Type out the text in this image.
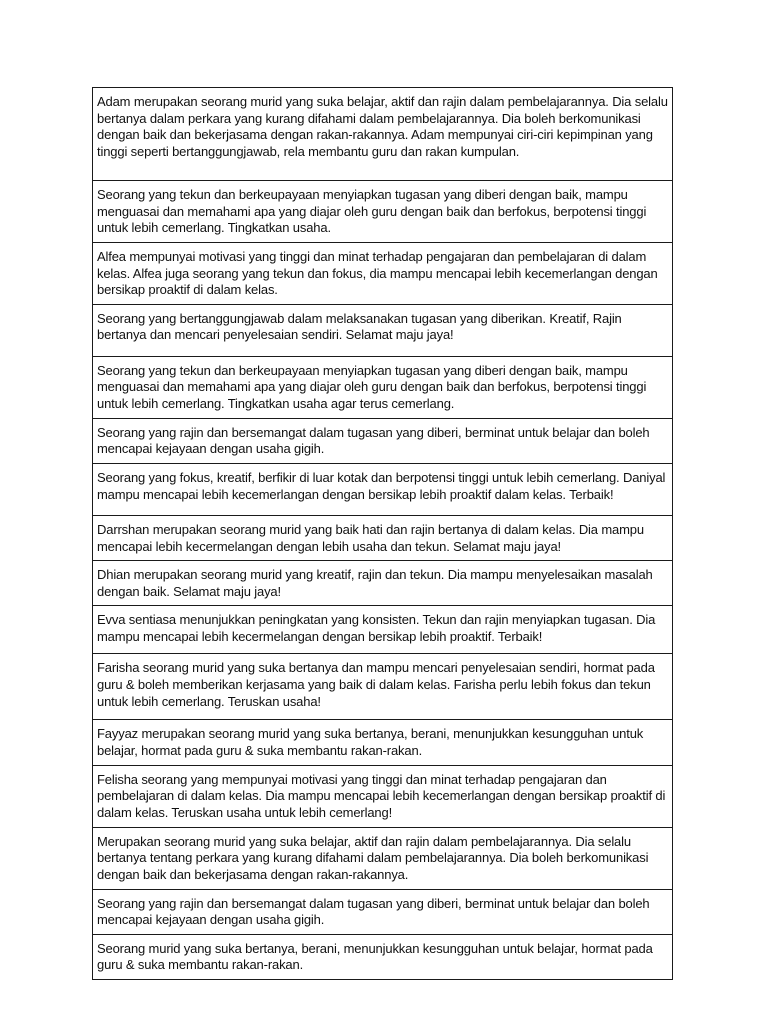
Adam merupakan seorang murid yang suka belajar, aktif dan rajin dalam pembelajarannya. Dia selalu bertanya dalam perkara yang kurang difahami dalam pembelajarannya. Dia boleh berkomunikasi dengan baik dan bekerjasama dengan rakan-rakannya. Adam mempunyai ciri-ciri kepimpinan yang tinggi seperti bertanggungjawab, rela membantu guru dan rakan kumpulan.
Seorang yang tekun dan berkeupayaan menyiapkan tugasan yang diberi dengan baik, mampu menguasai dan memahami apa yang diajar oleh guru dengan baik dan berfokus, berpotensi tinggi untuk lebih cemerlang. Tingkatkan usaha.
Alfea mempunyai motivasi yang tinggi dan minat terhadap pengajaran dan pembelajaran di dalam kelas. Alfea juga seorang yang tekun dan fokus, dia mampu mencapai lebih kecemerlangan dengan bersikap proaktif di dalam kelas.
Seorang yang bertanggungjawab dalam melaksanakan tugasan yang diberikan. Kreatif, Rajin bertanya dan mencari penyelesaian sendiri. Selamat maju jaya!
Seorang yang tekun dan berkeupayaan menyiapkan tugasan yang diberi dengan baik, mampu menguasai dan memahami apa yang diajar oleh guru dengan baik dan berfokus, berpotensi tinggi untuk lebih cemerlang. Tingkatkan usaha agar terus cemerlang.
Seorang yang rajin dan bersemangat dalam tugasan yang diberi, berminat untuk belajar dan boleh mencapai kejayaan dengan usaha gigih.
Seorang yang fokus, kreatif, berfikir di luar kotak dan berpotensi tinggi untuk lebih cemerlang. Daniyal mampu mencapai lebih kecemerlangan dengan bersikap lebih proaktif dalam kelas. Terbaik!
Darrshan merupakan seorang murid yang baik hati dan rajin bertanya di dalam kelas. Dia mampu mencapai lebih kecermelangan dengan lebih usaha dan tekun. Selamat maju jaya!
Dhian merupakan seorang murid yang kreatif, rajin dan tekun. Dia mampu menyelesaikan masalah dengan baik. Selamat maju jaya!
Evva sentiasa menunjukkan peningkatan yang konsisten. Tekun dan rajin menyiapkan tugasan. Dia mampu mencapai lebih kecermelangan dengan bersikap lebih proaktif. Terbaik!
Farisha seorang murid yang suka bertanya dan mampu mencari penyelesaian sendiri, hormat pada guru & boleh memberikan kerjasama yang baik di dalam kelas. Farisha perlu lebih fokus dan tekun untuk lebih cemerlang. Teruskan usaha!
Fayyaz merupakan seorang murid yang suka bertanya, berani, menunjukkan kesungguhan untuk belajar, hormat pada guru & suka membantu rakan-rakan.
Felisha seorang yang mempunyai motivasi yang tinggi dan minat terhadap pengajaran dan pembelajaran di dalam kelas. Dia mampu mencapai lebih kecemerlangan dengan bersikap proaktif di dalam kelas. Teruskan usaha untuk lebih cemerlang!
Merupakan seorang murid yang suka belajar, aktif dan rajin dalam pembelajarannya. Dia selalu bertanya tentang perkara yang kurang difahami dalam pembelajarannya. Dia boleh berkomunikasi dengan baik dan bekerjasama dengan rakan-rakannya.
Seorang yang rajin dan bersemangat dalam tugasan yang diberi, berminat untuk belajar dan boleh mencapai kejayaan dengan usaha gigih.
Seorang murid yang suka bertanya, berani, menunjukkan kesungguhan untuk belajar, hormat pada guru & suka membantu rakan-rakan.
